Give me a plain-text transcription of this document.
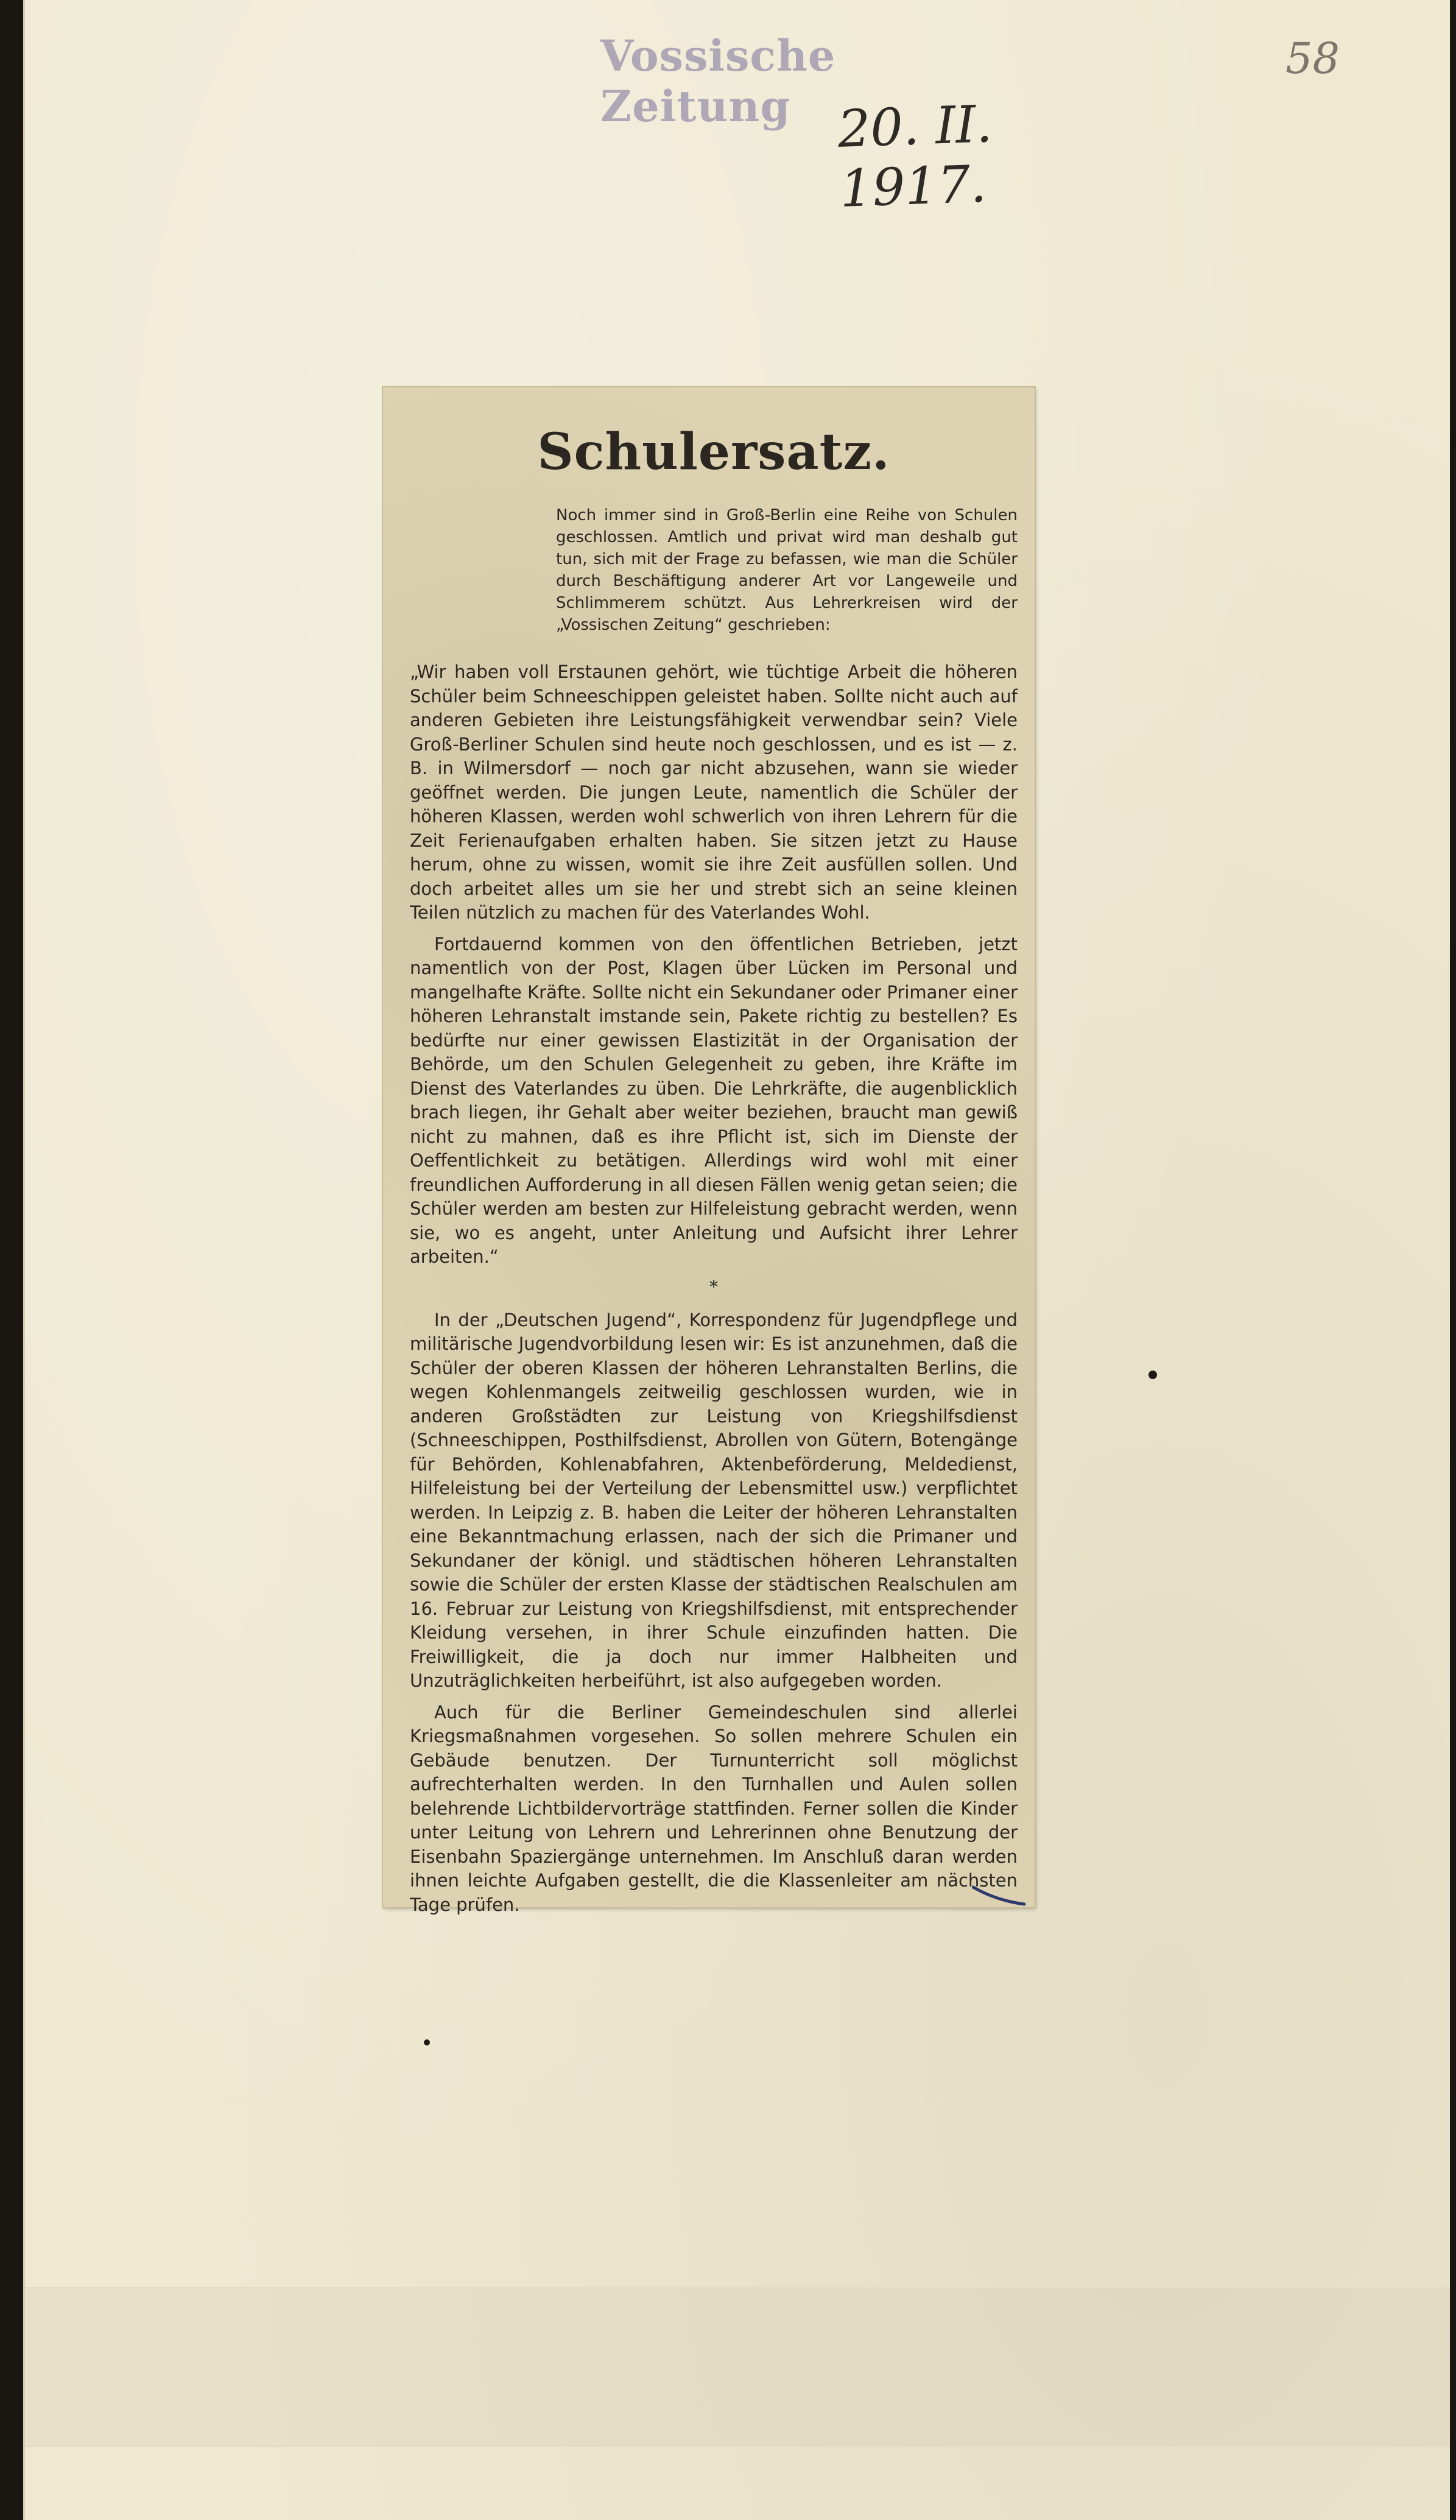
Vossische Zeitung 20. II. 1917.
58
Schulersatz.

Noch immer sind in Groß-Berlin eine Reihe von Schulen geschlossen. Amtlich und privat wird man deshalb gut tun, sich mit der Frage zu befassen, wie man die Schüler durch Beschäftigung anderer Art vor Langeweile und Schlimmerem schützt. Aus Lehrerkreisen wird der „Vossischen Zeitung“ geschrieben:

„Wir haben voll Erstaunen gehört, wie tüchtige Arbeit die höheren Schüler beim Schneeschippen geleistet haben. Sollte nicht auch auf anderen Gebieten ihre Leistungsfähigkeit verwendbar sein? Viele Groß-Berliner Schulen sind heute noch geschlossen, und es ist — z. B. in Wilmersdorf — noch gar nicht abzusehen, wann sie wieder geöffnet werden. Die jungen Leute, namentlich die Schüler der höheren Klassen, werden wohl schwerlich von ihren Lehrern für die Zeit Ferienaufgaben erhalten haben. Sie sitzen jetzt zu Hause herum, ohne zu wissen, womit sie ihre Zeit ausfüllen sollen. Und doch arbeitet alles um sie her und strebt sich an seine kleinen Teilen nützlich zu machen für des Vaterlandes Wohl.

Fortdauernd kommen von den öffentlichen Betrieben, jetzt namentlich von der Post, Klagen über Lücken im Personal und mangelhafte Kräfte. Sollte nicht ein Sekundaner oder Primaner einer höheren Lehranstalt imstande sein, Pakete richtig zu bestellen? Es bedürfte nur einer gewissen Elastizität in der Organisation der Behörde, um den Schulen Gelegenheit zu geben, ihre Kräfte im Dienst des Vaterlandes zu üben. Die Lehrkräfte, die augenblicklich brach liegen, ihr Gehalt aber weiter beziehen, braucht man gewiß nicht zu mahnen, daß es ihre Pflicht ist, sich im Dienste der Oeffentlichkeit zu betätigen. Allerdings wird wohl mit einer freundlichen Aufforderung in all diesen Fällen wenig getan seien; die Schüler werden am besten zur Hilfeleistung gebracht werden, wenn sie, wo es angeht, unter Anleitung und Aufsicht ihrer Lehrer arbeiten.“

*

In der „Deutschen Jugend“, Korrespondenz für Jugendpflege und militärische Jugendvorbildung lesen wir: Es ist anzunehmen, daß die Schüler der oberen Klassen der höheren Lehranstalten Berlins, die wegen Kohlenmangels zeitweilig geschlossen wurden, wie in anderen Großstädten zur Leistung von Kriegshilfsdienst (Schneeschippen, Posthilfsdienst, Abrollen von Gütern, Botengänge für Behörden, Kohlenabfahren, Aktenbeförderung, Meldedienst, Hilfeleistung bei der Verteilung der Lebensmittel usw.) verpflichtet werden. In Leipzig z. B. haben die Leiter der höheren Lehranstalten eine Bekanntmachung erlassen, nach der sich die Primaner und Sekundaner der königl. und städtischen höheren Lehranstalten sowie die Schüler der ersten Klasse der städtischen Realschulen am 16. Februar zur Leistung von Kriegshilfsdienst, mit entsprechender Kleidung versehen, in ihrer Schule einzufinden hatten. Die Freiwilligkeit, die ja doch nur immer Halbheiten und Unzuträglichkeiten herbeiführt, ist also aufgegeben worden.

Auch für die Berliner Gemeindeschulen sind allerlei Kriegsmaßnahmen vorgesehen. So sollen mehrere Schulen ein Gebäude benutzen. Der Turnunterricht soll möglichst aufrechterhalten werden. In den Turnhallen und Aulen sollen belehrende Lichtbildervorträge stattfinden. Ferner sollen die Kinder unter Leitung von Lehrern und Lehrerinnen ohne Benutzung der Eisenbahn Spaziergänge unternehmen. Im Anschluß daran werden ihnen leichte Aufgaben gestellt, die die Klassenleiter am nächsten Tage prüfen.
